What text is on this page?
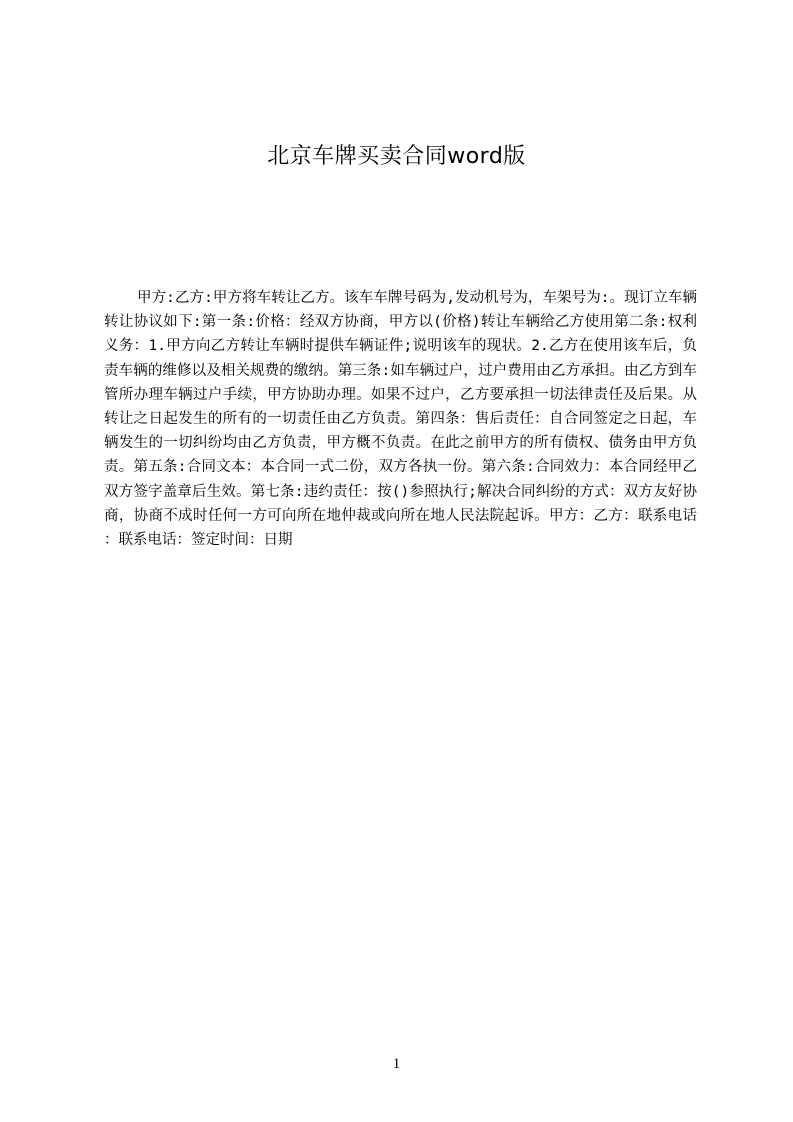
北京车牌买卖合同word版

甲方:乙方:甲方将车转让乙方。该车车牌号码为,发动机号为，车架号为:。现订立车辆转让协议如下:第一条:价格：经双方协商，甲方以(价格)转让车辆给乙方使用第二条:权利义务：1.甲方向乙方转让车辆时提供车辆证件;说明该车的现状。2.乙方在使用该车后，负责车辆的维修以及相关规费的缴纳。第三条:如车辆过户，过户费用由乙方承担。由乙方到车管所办理车辆过户手续，甲方协助办理。如果不过户，乙方要承担一切法律责任及后果。从转让之日起发生的所有的一切责任由乙方负责。第四条：售后责任：自合同签定之日起，车辆发生的一切纠纷均由乙方负责，甲方概不负责。在此之前甲方的所有债权、债务由甲方负责。第五条:合同文本：本合同一式二份，双方各执一份。第六条:合同效力：本合同经甲乙双方签字盖章后生效。第七条:违约责任：按()参照执行;解决合同纠纷的方式：双方友好协商，协商不成时任何一方可向所在地仲裁或向所在地人民法院起诉。甲方：乙方：联系电话：联系电话：签定时间：日期

1
